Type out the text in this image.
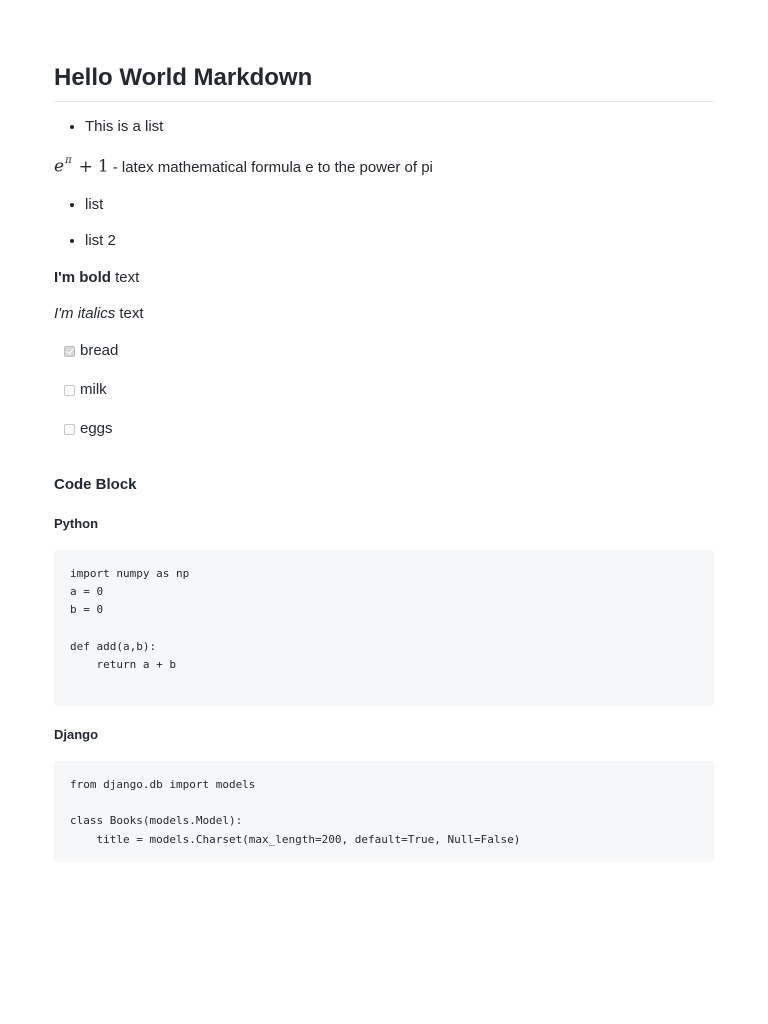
Hello World Markdown
• This is a list

$e^\pi + 1$ - latex mathematical formula e to the power of pi

• list
• list 2

I'm bold text

I'm italics text

bread
milk
eggs
Code Block
Python
import numpy as np
a = 0
b = 0

def add(a,b):
return a + b
Django
from django.db import models

class Books(models.Model):
title = models.Charset(max_length=200, default=True, Null=False)
